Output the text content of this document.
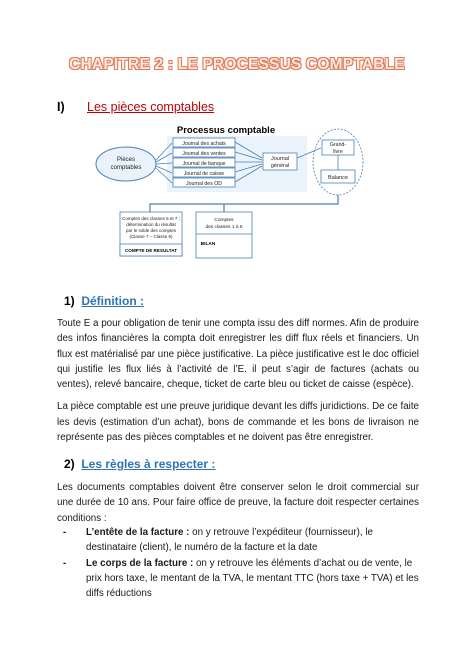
CHAPITRE 2 : LE PROCESSUS COMPTABLE
I) Les pièces comptables
Processus comptable
Pièces
comptables
Journal des achats
Journal des ventes
Journal de banque
Journal de caisse
Journal des OD
Journal
général
Grand-
livre
Balance
Comptes des classes 6 et 7 ;
détermination du résultat
par le solde des comptes
(Classe 7 – Classe 6)
COMPTE DE RESULTAT
Comptes
des classes 1 à 5
BILAN
1) Définition :

Toute E a pour obligation de tenir une compta issu des diff normes. Afin de produire des infos financières la compta doit enregistrer les diff flux réels et financiers. Un flux est matérialisé par une pièce justificative. La pièce justificative est le doc officiel qui justifie les flux liés à l’activité de l’E. il peut s’agir de factures (achats ou ventes), relevé bancaire, cheque, ticket de carte bleu ou ticket de caisse (espèce).

La pièce comptable est une preuve juridique devant les diffs juridictions. De ce faite les devis (estimation d’un achat), bons de commande et les bons de livraison ne représente pas des pièces comptables et ne doivent pas être enregistrer.

2) Les règles à respecter :

Les documents comptables doivent être conserver selon le droit commercial sur une durée de 10 ans. Pour faire office de preuve, la facture doit respecter certaines conditions :

- L’entête de la facture : on y retrouve l’expéditeur (fournisseur), le destinataire (client), le numéro de la facture et la date

- Le corps de la facture : on y retrouve les éléments d’achat ou de vente, le prix hors taxe, le mentant de la TVA, le mentant TTC (hors taxe + TVA) et les diffs réductions
